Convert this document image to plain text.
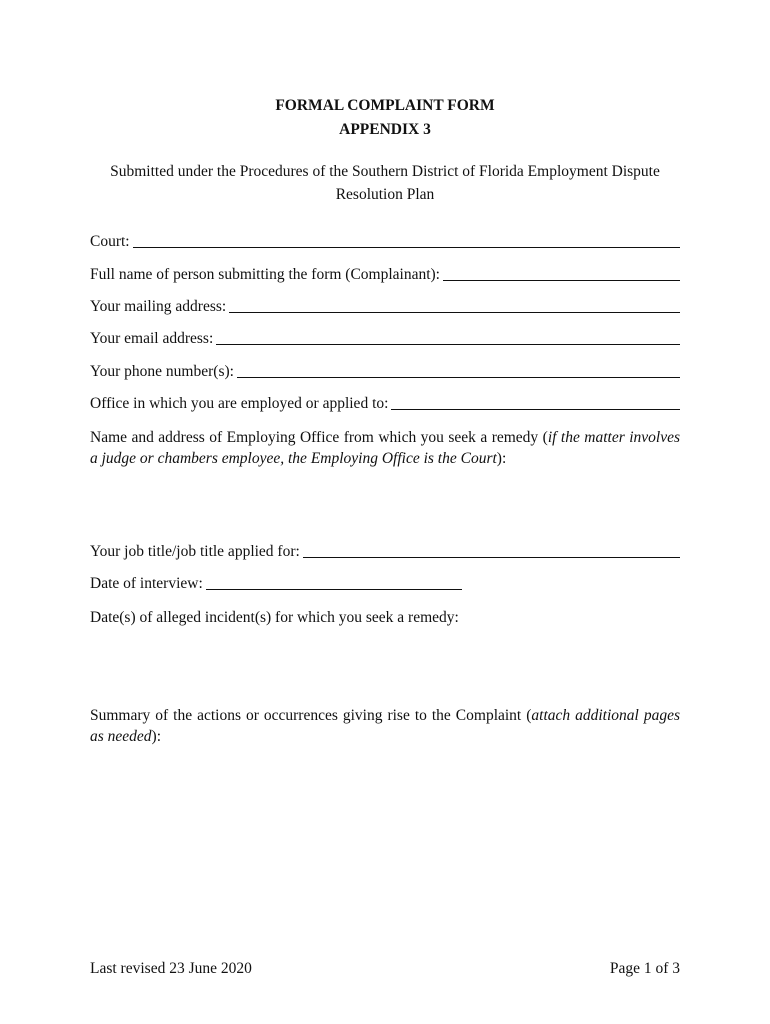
FORMAL COMPLAINT FORM
APPENDIX 3
Submitted under the Procedures of the Southern District of Florida Employment Dispute
Resolution Plan
Court:
Full name of person submitting the form (Complainant):
Your mailing address:
Your email address:
Your phone number(s):
Office in which you are employed or applied to:
Name and address of Employing Office from which you seek a remedy (if the matter involves a judge or chambers employee, the Employing Office is the Court):
Your job title/job title applied for:
Date of interview:
Date(s) of alleged incident(s) for which you seek a remedy:
Summary of the actions or occurrences giving rise to the Complaint (attach additional pages as needed):
Last revised 23 June 2020	Page 1 of 3
